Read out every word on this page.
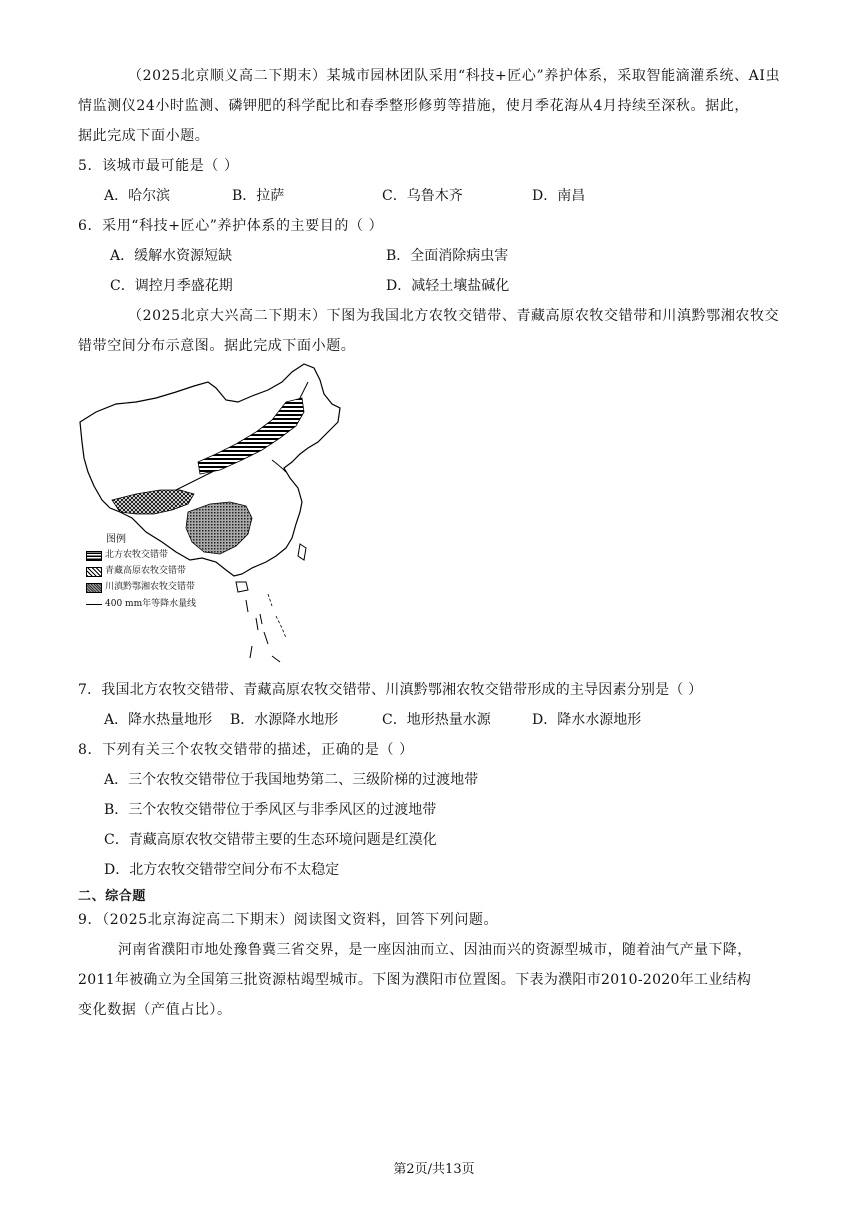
（2025北京顺义高二下期末）某城市园林团队采用“科技+匠心”养护体系，采取智能滴灌系统、AI虫
情监测仪24小时监测、磷钾肥的科学配比和春季整形修剪等措施，使月季花海从4月持续至深秋。据此，
据此完成下面小题。
5．该城市最可能是（ ）
A．哈尔滨	B．拉萨	C．乌鲁木齐	D．南昌
6．采用“科技+匠心”养护体系的主要目的（ ）
A．缓解水资源短缺	B．全面消除病虫害
C．调控月季盛花期	D．减轻土壤盐碱化
（2025北京大兴高二下期末）下图为我国北方农牧交错带、青藏高原农牧交错带和川滇黔鄂湘农牧交
错带空间分布示意图。据此完成下面小题。
图例
北方农牧交错带
青藏高原农牧交错带
川滇黔鄂湘农牧交错带
400 mm年等降水量线
7．我国北方农牧交错带、青藏高原农牧交错带、川滇黔鄂湘农牧交错带形成的主导因素分别是（ ）
A．降水热量地形 B．水源降水地形	C．地形热量水源	D．降水水源地形
8．下列有关三个农牧交错带的描述，正确的是（ ）
A．三个农牧交错带位于我国地势第二、三级阶梯的过渡地带
B．三个农牧交错带位于季风区与非季风区的过渡地带
C．青藏高原农牧交错带主要的生态环境问题是红漠化
D．北方农牧交错带空间分布不太稳定
二、综合题
9．（2025北京海淀高二下期末）阅读图文资料，回答下列问题。
河南省濮阳市地处豫鲁冀三省交界，是一座因油而立、因油而兴的资源型城市，随着油气产量下降，
2011年被确立为全国第三批资源枯竭型城市。下图为濮阳市位置图。下表为濮阳市2010-2020年工业结构
变化数据（产值占比）。
第2页/共13页
